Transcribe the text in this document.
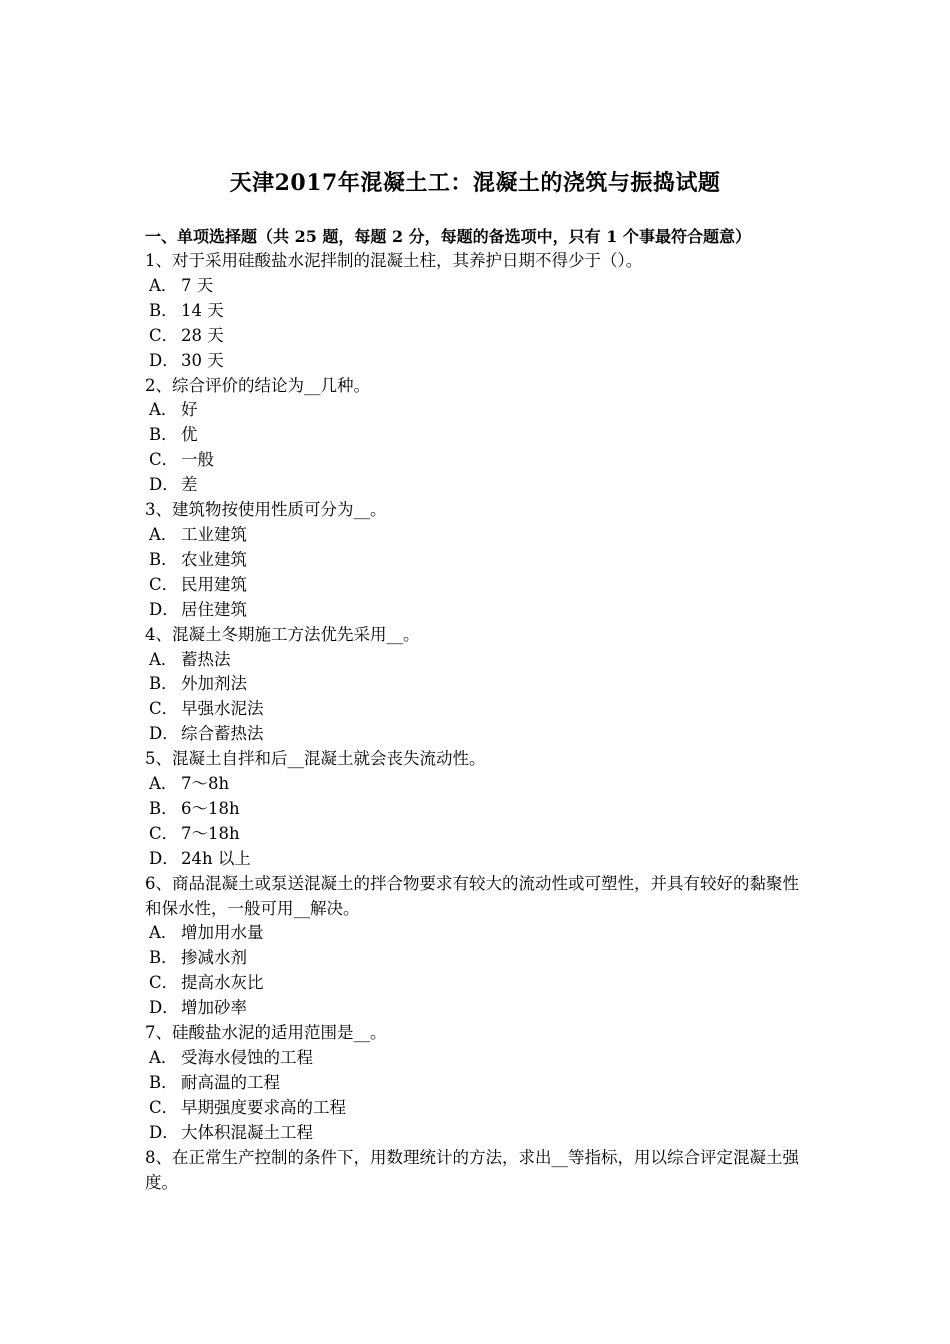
天津2017年混凝土工：混凝土的浇筑与振捣试题

一、单项选择题（共 25 题，每题 2 分，每题的备选项中，只有 1 个事最符合题意）

1、对于采用硅酸盐水泥拌制的混凝土柱，其养护日期不得少于（）。

A． 7 天
B． 14 天
C． 28 天
D． 30 天

2、综合评价的结论为__几种。

A． 好
B． 优
C． 一般
D． 差

3、建筑物按使用性质可分为__。

A． 工业建筑
B． 农业建筑
C． 民用建筑
D． 居住建筑

4、混凝土冬期施工方法优先采用__。

A． 蓄热法
B． 外加剂法
C． 早强水泥法
D． 综合蓄热法

5、混凝土自拌和后__混凝土就会丧失流动性。

A． 7～8h
B． 6～18h
C． 7～18h
D． 24h 以上

6、商品混凝土或泵送混凝土的拌合物要求有较大的流动性或可塑性，并具有较好的黏聚性和保水性，一般可用__解决。

A． 增加用水量
B． 掺减水剂
C． 提高水灰比
D． 增加砂率

7、硅酸盐水泥的适用范围是__。

A． 受海水侵蚀的工程
B． 耐高温的工程
C． 早期强度要求高的工程
D． 大体积混凝土工程

8、在正常生产控制的条件下，用数理统计的方法，求出__等指标，用以综合评定混凝土强度。
